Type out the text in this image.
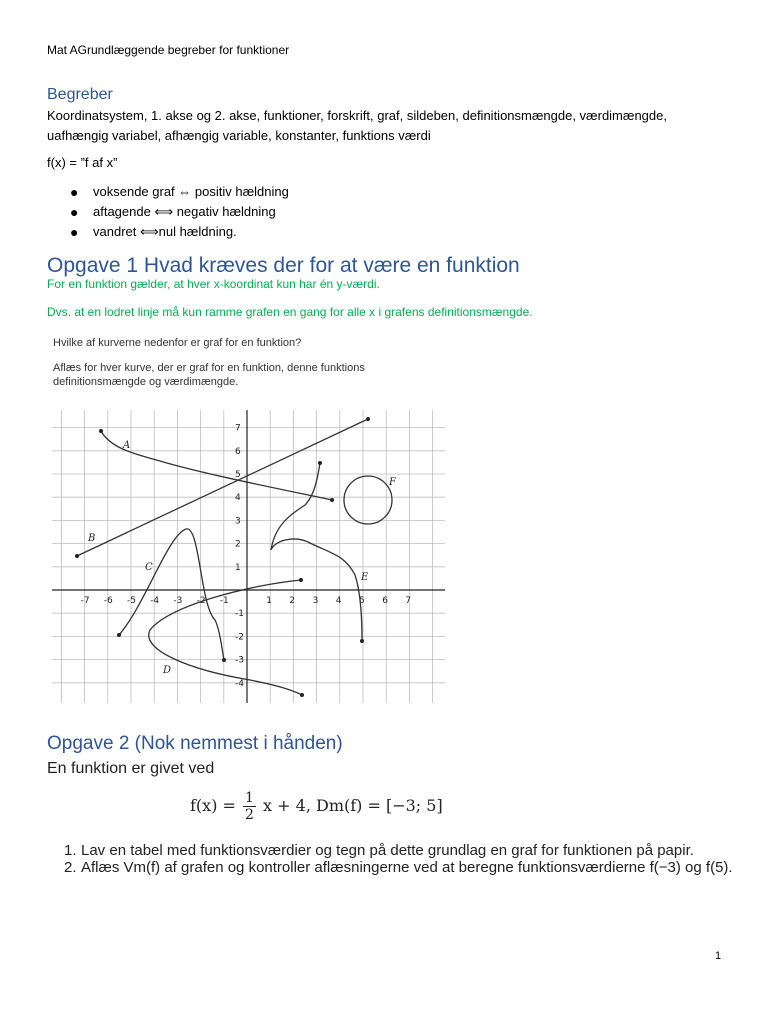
Mat AGrundlæggende begreber for funktioner
Begreber
Koordinatsystem, 1. akse og 2. akse, funktioner, forskrift, graf, sildeben, definitionsmængde, værdimængde, uafhængig variabel, afhængig variable, konstanter, funktions værdi
f(x) = ”f af x”
● voksende graf ⇔ positiv hældning
● aftagende ⟺ negativ hældning
● vandret ⟺nul hældning.
Opgave 1 Hvad kræves der for at være en funktion
For en funktion gælder, at hver x-koordinat kun har én y-værdi.
Dvs. at en lodret linje må kun ramme grafen en gang for alle x i grafens definitionsmængde.
Hvilke af kurverne nedenfor er graf for en funktion?
Aflæs for hver kurve, der er graf for en funktion, denne funktions definitionsmængde og værdimængde.
-7 -6 -5 -4 -3 -2 -1	1 2 3 4 5 6 7
7
6
5
4
3
2
1
-1
-2
-3
-4
A
B
C
D
E
F
Opgave 2 (Nok nemmest i hånden)
En funktion er givet ved
$f(x) = \frac{1}{2}$ x + 4, Dm(f) = [−3; 5]
1. Lav en tabel med funktionsværdier og tegn på dette grundlag en graf for funktionen på papir.
2. Aflæs Vm(f) af grafen og kontroller aflæsningerne ved at beregne funktionsværdierne f(−3) og f(5).
1
